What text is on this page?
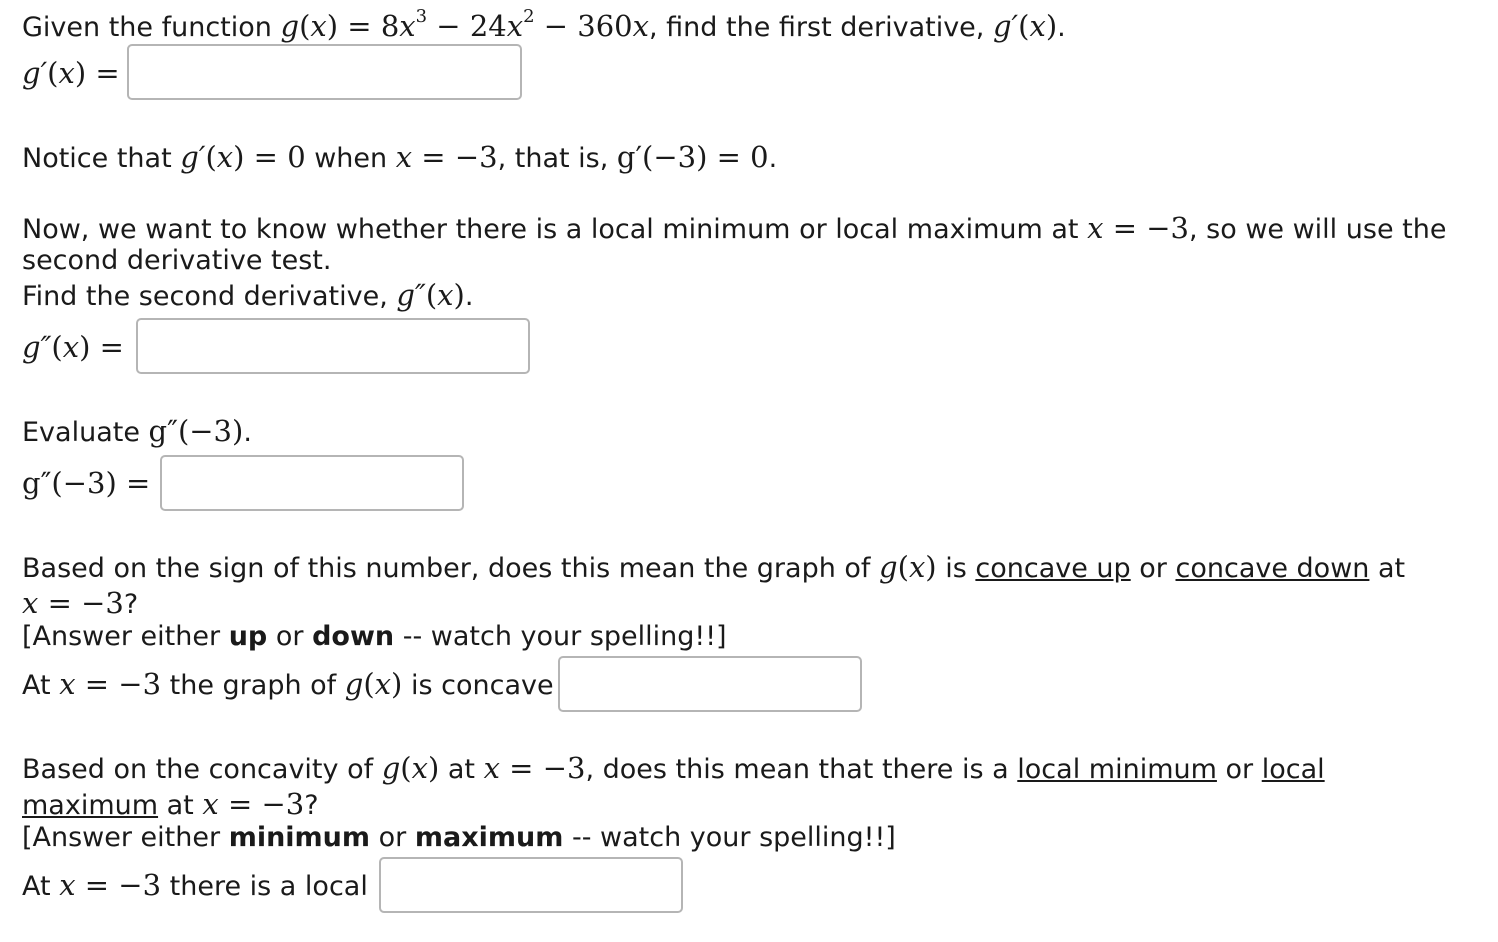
Given the function $g(x) = 8x^3 - 24x^2 - 360x$, find the first derivative, g′(x).
g′(x) =
Notice that g′(x) = 0 when x = −3, that is, g′(−3) = 0.
Now, we want to know whether there is a local minimum or local maximum at x = −3, so we will use the
second derivative test.
Find the second derivative, g″(x).
g″(x) =
Evaluate g″(−3).
g″(−3) =
Based on the sign of this number, does this mean the graph of g(x) is concave up or concave down at
x = −3?
[Answer either up or down -- watch your spelling!!]
At x = −3 the graph of g(x) is concave
Based on the concavity of g(x) at x = −3, does this mean that there is a local minimum or local
maximum at x = −3?
[Answer either minimum or maximum -- watch your spelling!!]
At x = −3 there is a local
